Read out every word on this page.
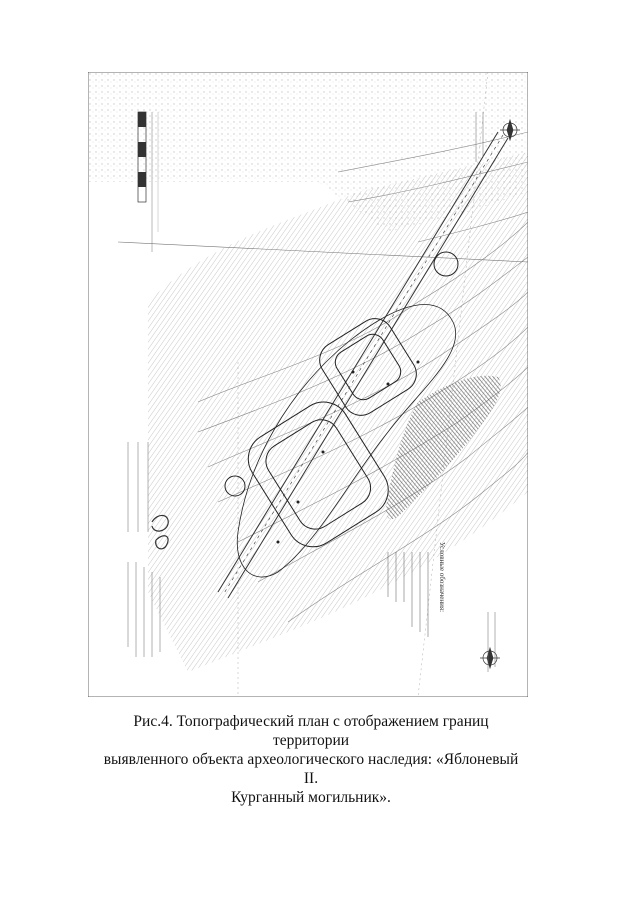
Условные обозначения:
Рис.4. Топографический план с отображением границ территории
выявленного объекта археологического наследия: «Яблоневый II.
Курганный могильник».
